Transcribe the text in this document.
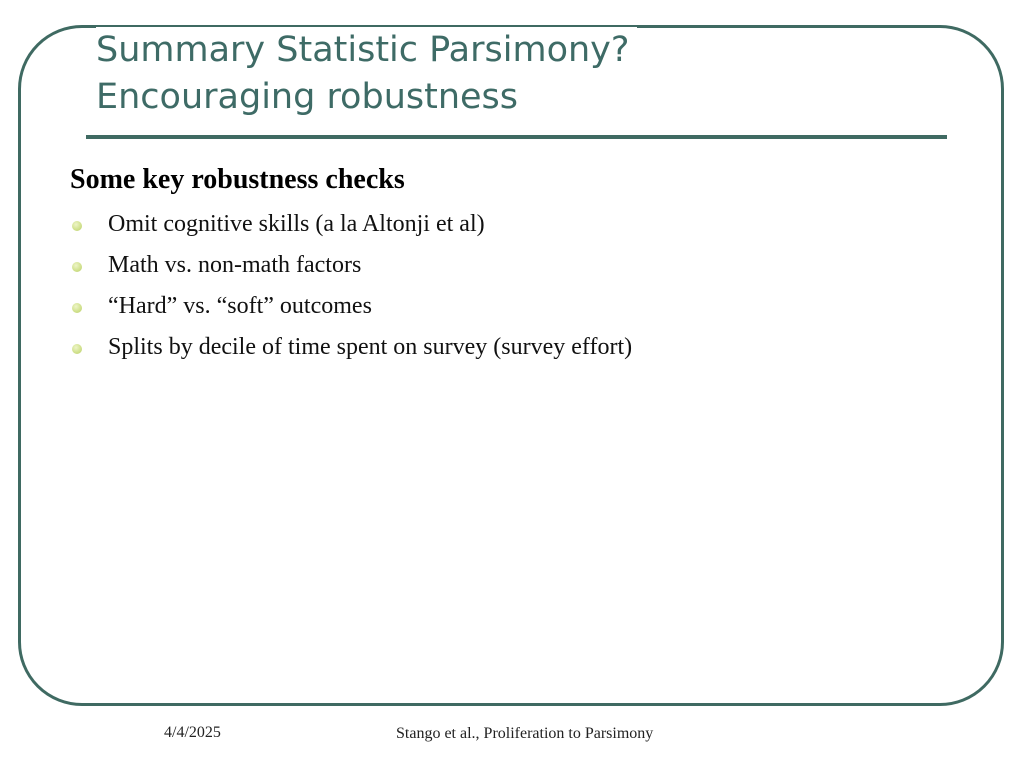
Summary Statistic Parsimony?
Encouraging robustness
Some key robustness checks
Omit cognitive skills (a la Altonji et al)
Math vs. non-math factors
“Hard” vs. “soft” outcomes
Splits by decile of time spent on survey (survey effort)
4/4/2025	Stango et al., Proliferation to Parsimony
